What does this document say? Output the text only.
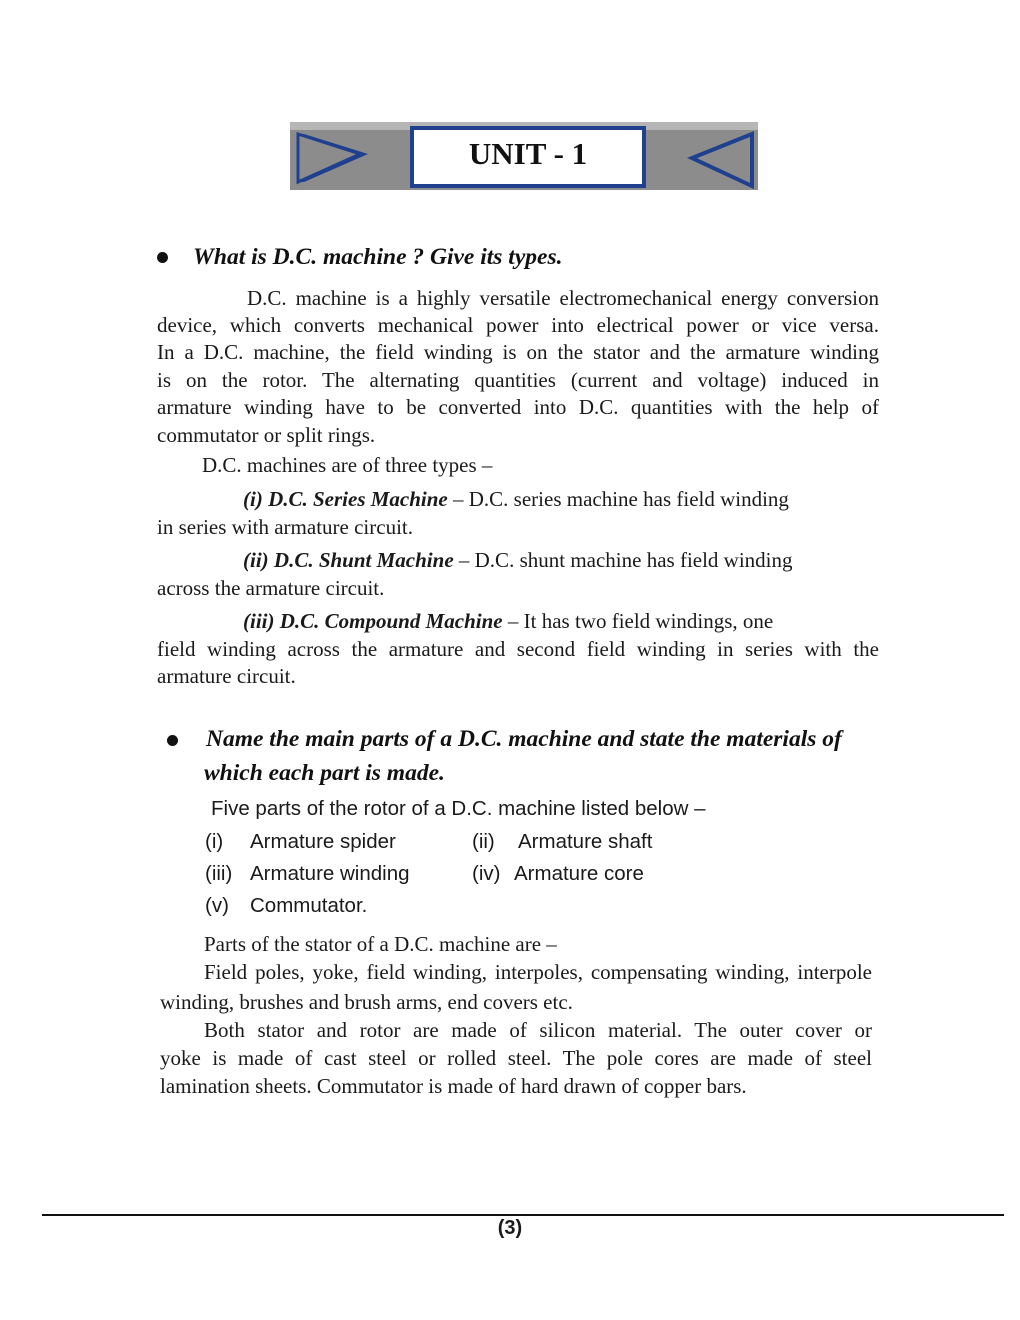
UNIT - 1
What is D.C. machine ? Give its types.
D.C. machine is a highly versatile electromechanical energy conversion
device, which converts mechanical power into electrical power or vice versa.
In a D.C. machine, the field winding is on the stator and the armature winding
is on the rotor. The alternating quantities (current and voltage) induced in
armature winding have to be converted into D.C. quantities with the help of
commutator or split rings.
D.C. machines are of three types –
(i) D.C. Series Machine – D.C. series machine has field winding
in series with armature circuit.
(ii) D.C. Shunt Machine – D.C. shunt machine has field winding
across the armature circuit.
(iii) D.C. Compound Machine – It has two field windings, one
field winding across the armature and second field winding in series with the
armature circuit.
Name the main parts of a D.C. machine and state the materials of
which each part is made.
Five parts of the rotor of a D.C. machine listed below –
(i) Armature spider	(ii) Armature shaft
(iii) Armature winding	(iv) Armature core
(v) Commutator.
Parts of the stator of a D.C. machine are –
Field poles, yoke, field winding, interpoles, compensating winding, interpole
winding, brushes and brush arms, end covers etc.
Both stator and rotor are made of silicon material. The outer cover or
yoke is made of cast steel or rolled steel. The pole cores are made of steel
lamination sheets. Commutator is made of hard drawn of copper bars.
(3)
